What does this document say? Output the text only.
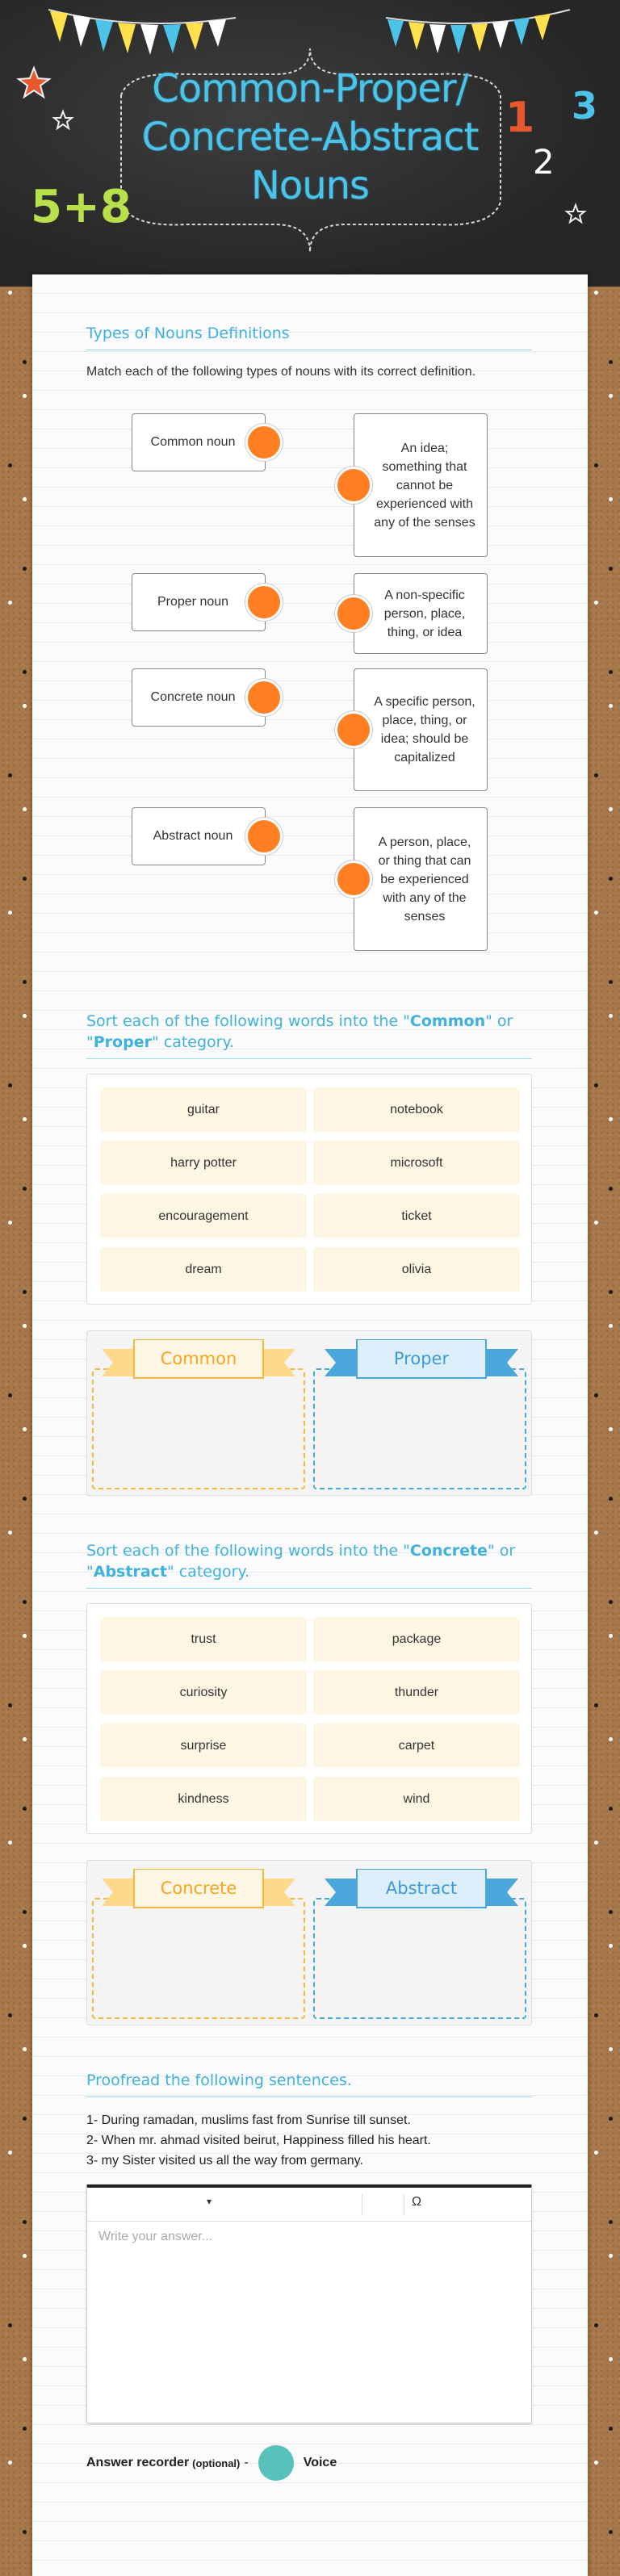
5+8
1
2
3
Common-Proper/
Concrete-Abstract
Nouns
Types of Nouns Definitions
Match each of the following types of nouns with its correct definition.
Common noun
Proper noun
Concrete noun
Abstract noun
An idea; something that cannot be experienced with any of the senses
A non-specific person, place, thing, or idea
A specific person, place, thing, or idea; should be capitalized
A person, place, or thing that can be experienced with any of the senses
Sort each of the following words into the "Common" or "Proper" category.
guitar	notebook
harry potter	microsoft
encouragement	ticket
dream	olivia
Common	Proper
Sort each of the following words into the "Concrete" or "Abstract" category.
trust	package
curiosity	thunder
surprise	carpet
kindness	wind
Concrete	Abstract
Proofread the following sentences.
1- During ramadan, muslims fast from Sunrise till sunset.
2- When mr. ahmad visited beirut, Happiness filled his heart.
3- my Sister visited us all the way from germany.
▾	Ω
Write your answer...
Answer recorder (optional) -	Voice
